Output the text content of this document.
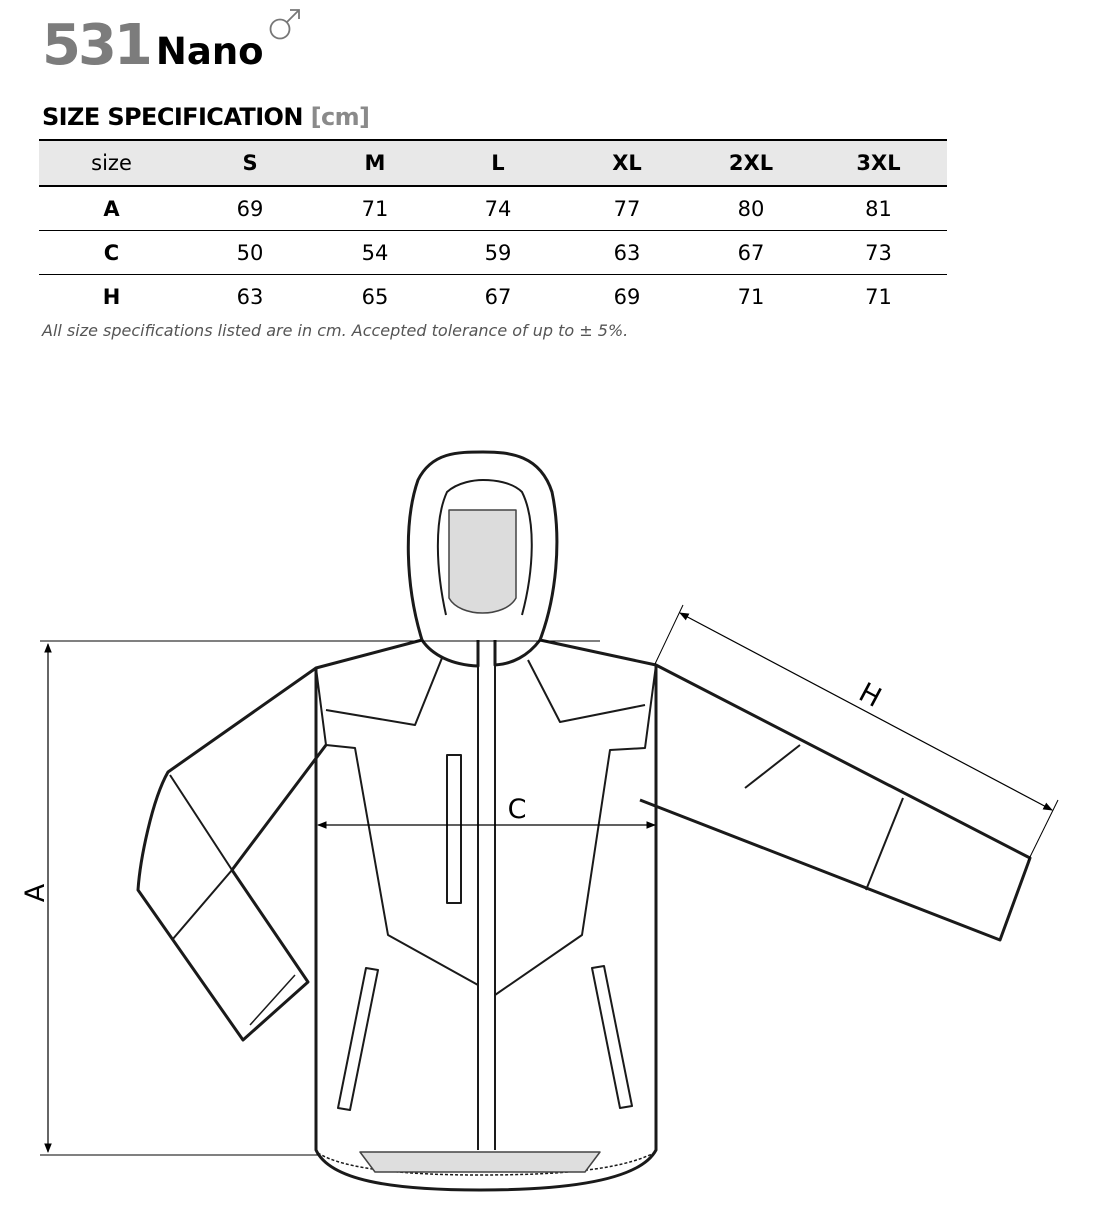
531 Nano
SIZE SPECIFICATION [cm]
size	S	M	L	XL	2XL	3XL
A	69	71	74	77	80	81
C	50	54	59	63	67	73
H	63	65	67	69	71	71
All size specifications listed are in cm. Accepted tolerance of up to ± 5%.
A
C
H
